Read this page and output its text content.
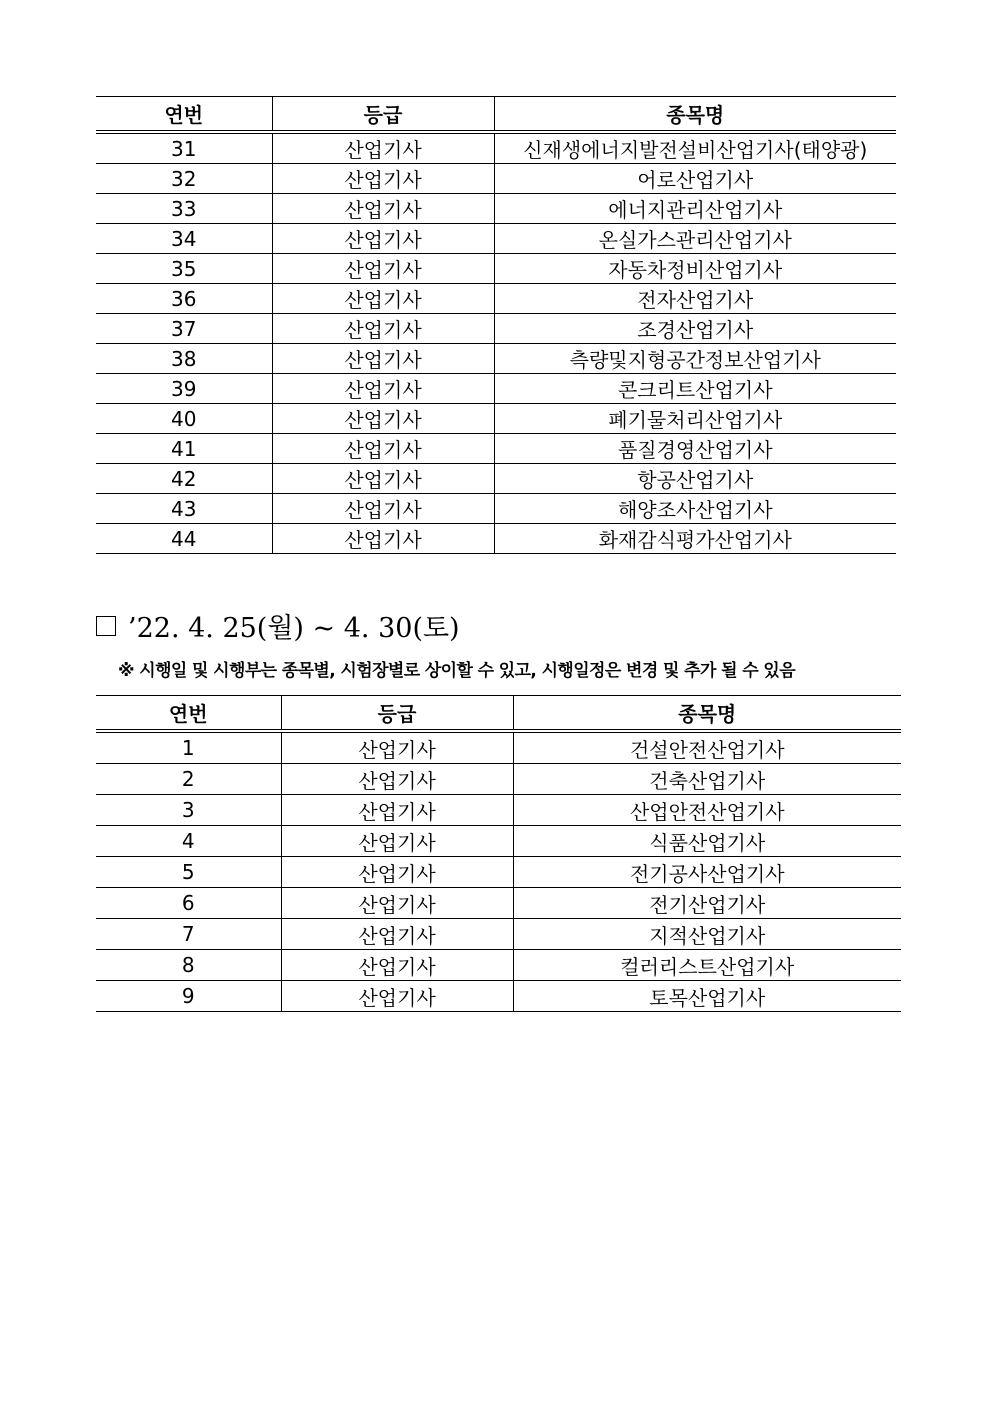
연번	등급	종목명
31	산업기사	신재생에너지발전설비산업기사(태양광)
32	산업기사	어로산업기사
33	산업기사	에너지관리산업기사
34	산업기사	온실가스관리산업기사
35	산업기사	자동차정비산업기사
36	산업기사	전자산업기사
37	산업기사	조경산업기사
38	산업기사	측량및지형공간정보산업기사
39	산업기사	콘크리트산업기사
40	산업기사	폐기물처리산업기사
41	산업기사	품질경영산업기사
42	산업기사	항공산업기사
43	산업기사	해양조사산업기사
44	산업기사	화재감식평가산업기사
’22. 4. 25(월) ~ 4. 30(토)
※ 시행일 및 시행부는 종목별, 시험장별로 상이할 수 있고, 시행일정은 변경 및 추가 될 수 있음
연번	등급	종목명
1	산업기사	건설안전산업기사
2	산업기사	건축산업기사
3	산업기사	산업안전산업기사
4	산업기사	식품산업기사
5	산업기사	전기공사산업기사
6	산업기사	전기산업기사
7	산업기사	지적산업기사
8	산업기사	컬러리스트산업기사
9	산업기사	토목산업기사
